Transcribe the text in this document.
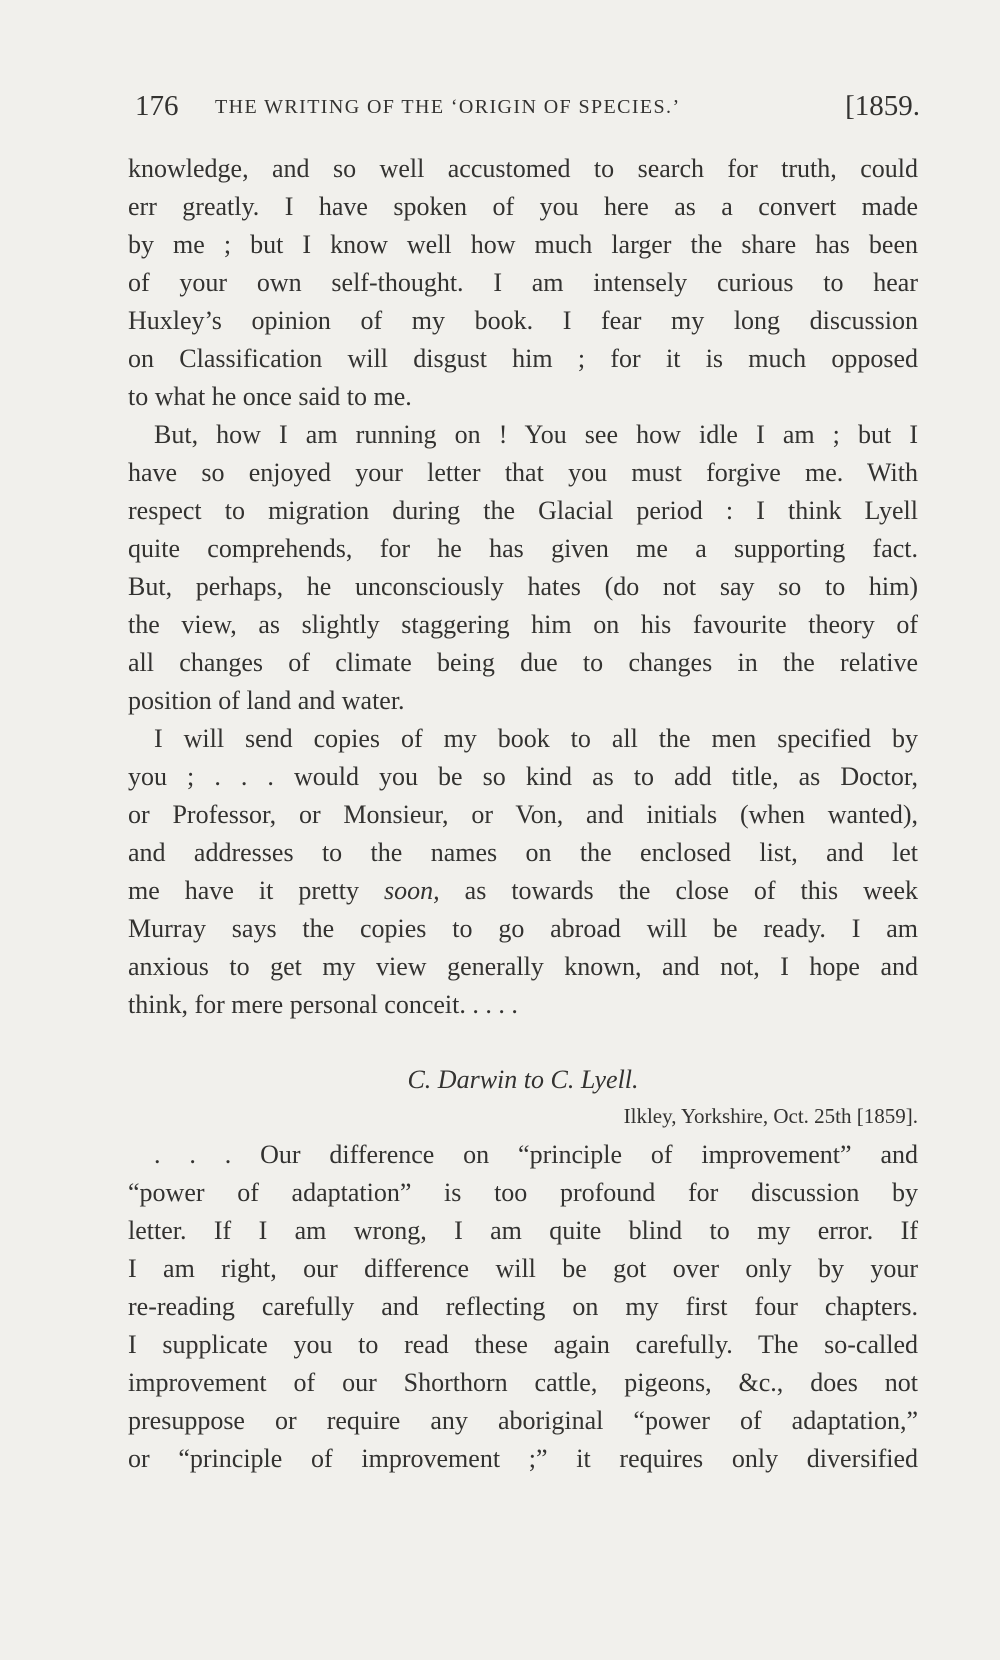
176 THE WRITING OF THE ‘ORIGIN OF SPECIES.’	[1859.
knowledge, and so well accustomed to search for truth, could
err greatly. I have spoken of you here as a convert made
by me ; but I know well how much larger the share has been
of your own self-thought. I am intensely curious to hear
Huxley’s opinion of my book. I fear my long discussion
on Classification will disgust him ; for it is much opposed
to what he once said to me.
But, how I am running on ! You see how idle I am ; but I
have so enjoyed your letter that you must forgive me. With
respect to migration during the Glacial period : I think Lyell
quite comprehends, for he has given me a supporting fact.
But, perhaps, he unconsciously hates (do not say so to him)
the view, as slightly staggering him on his favourite theory of
all changes of climate being due to changes in the relative
position of land and water.
I will send copies of my book to all the men specified by
you ; . . . would you be so kind as to add title, as Doctor,
or Professor, or Monsieur, or Von, and initials (when wanted),
and addresses to the names on the enclosed list, and let
me have it pretty soon, as towards the close of this week
Murray says the copies to go abroad will be ready. I am
anxious to get my view generally known, and not, I hope and
think, for mere personal conceit. . . . .
C. Darwin to C. Lyell.
Ilkley, Yorkshire, Oct. 25th [1859].
. . . Our difference on “principle of improvement” and
“power of adaptation” is too profound for discussion by
letter. If I am wrong, I am quite blind to my error. If
I am right, our difference will be got over only by your
re-reading carefully and reflecting on my first four chapters.
I supplicate you to read these again carefully. The so-called
improvement of our Shorthorn cattle, pigeons, &c., does not
presuppose or require any aboriginal “power of adaptation,”
or “principle of improvement ;” it requires only diversified
